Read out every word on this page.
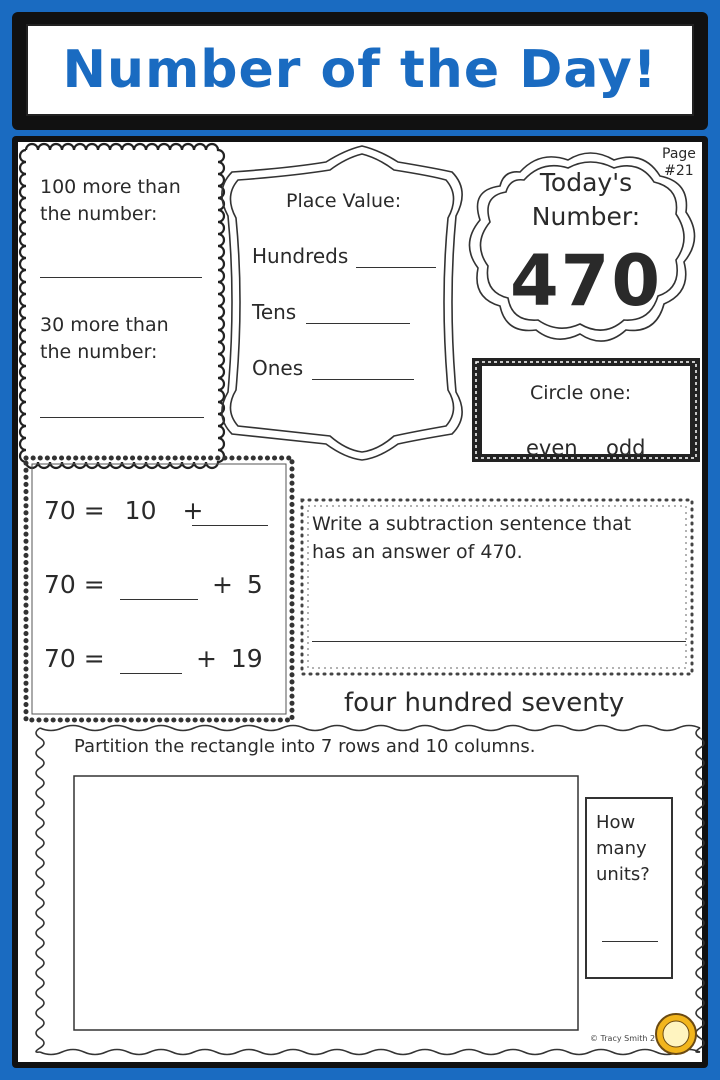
Number of the Day!
Page
#21
100 more than
the number:
30 more than
the number:
Place Value:
Hundreds
Tens
Ones
Today's
Number:
470
Circle one:
even odd
70 = 10 +
70 =	+ 5
70 =	+ 19
Write a subtraction sentence that
has an answer of 470.
four hundred seventy
Partition the rectangle into 7 rows and 10 columns.
How
many
units?
© Tracy Smith 2
